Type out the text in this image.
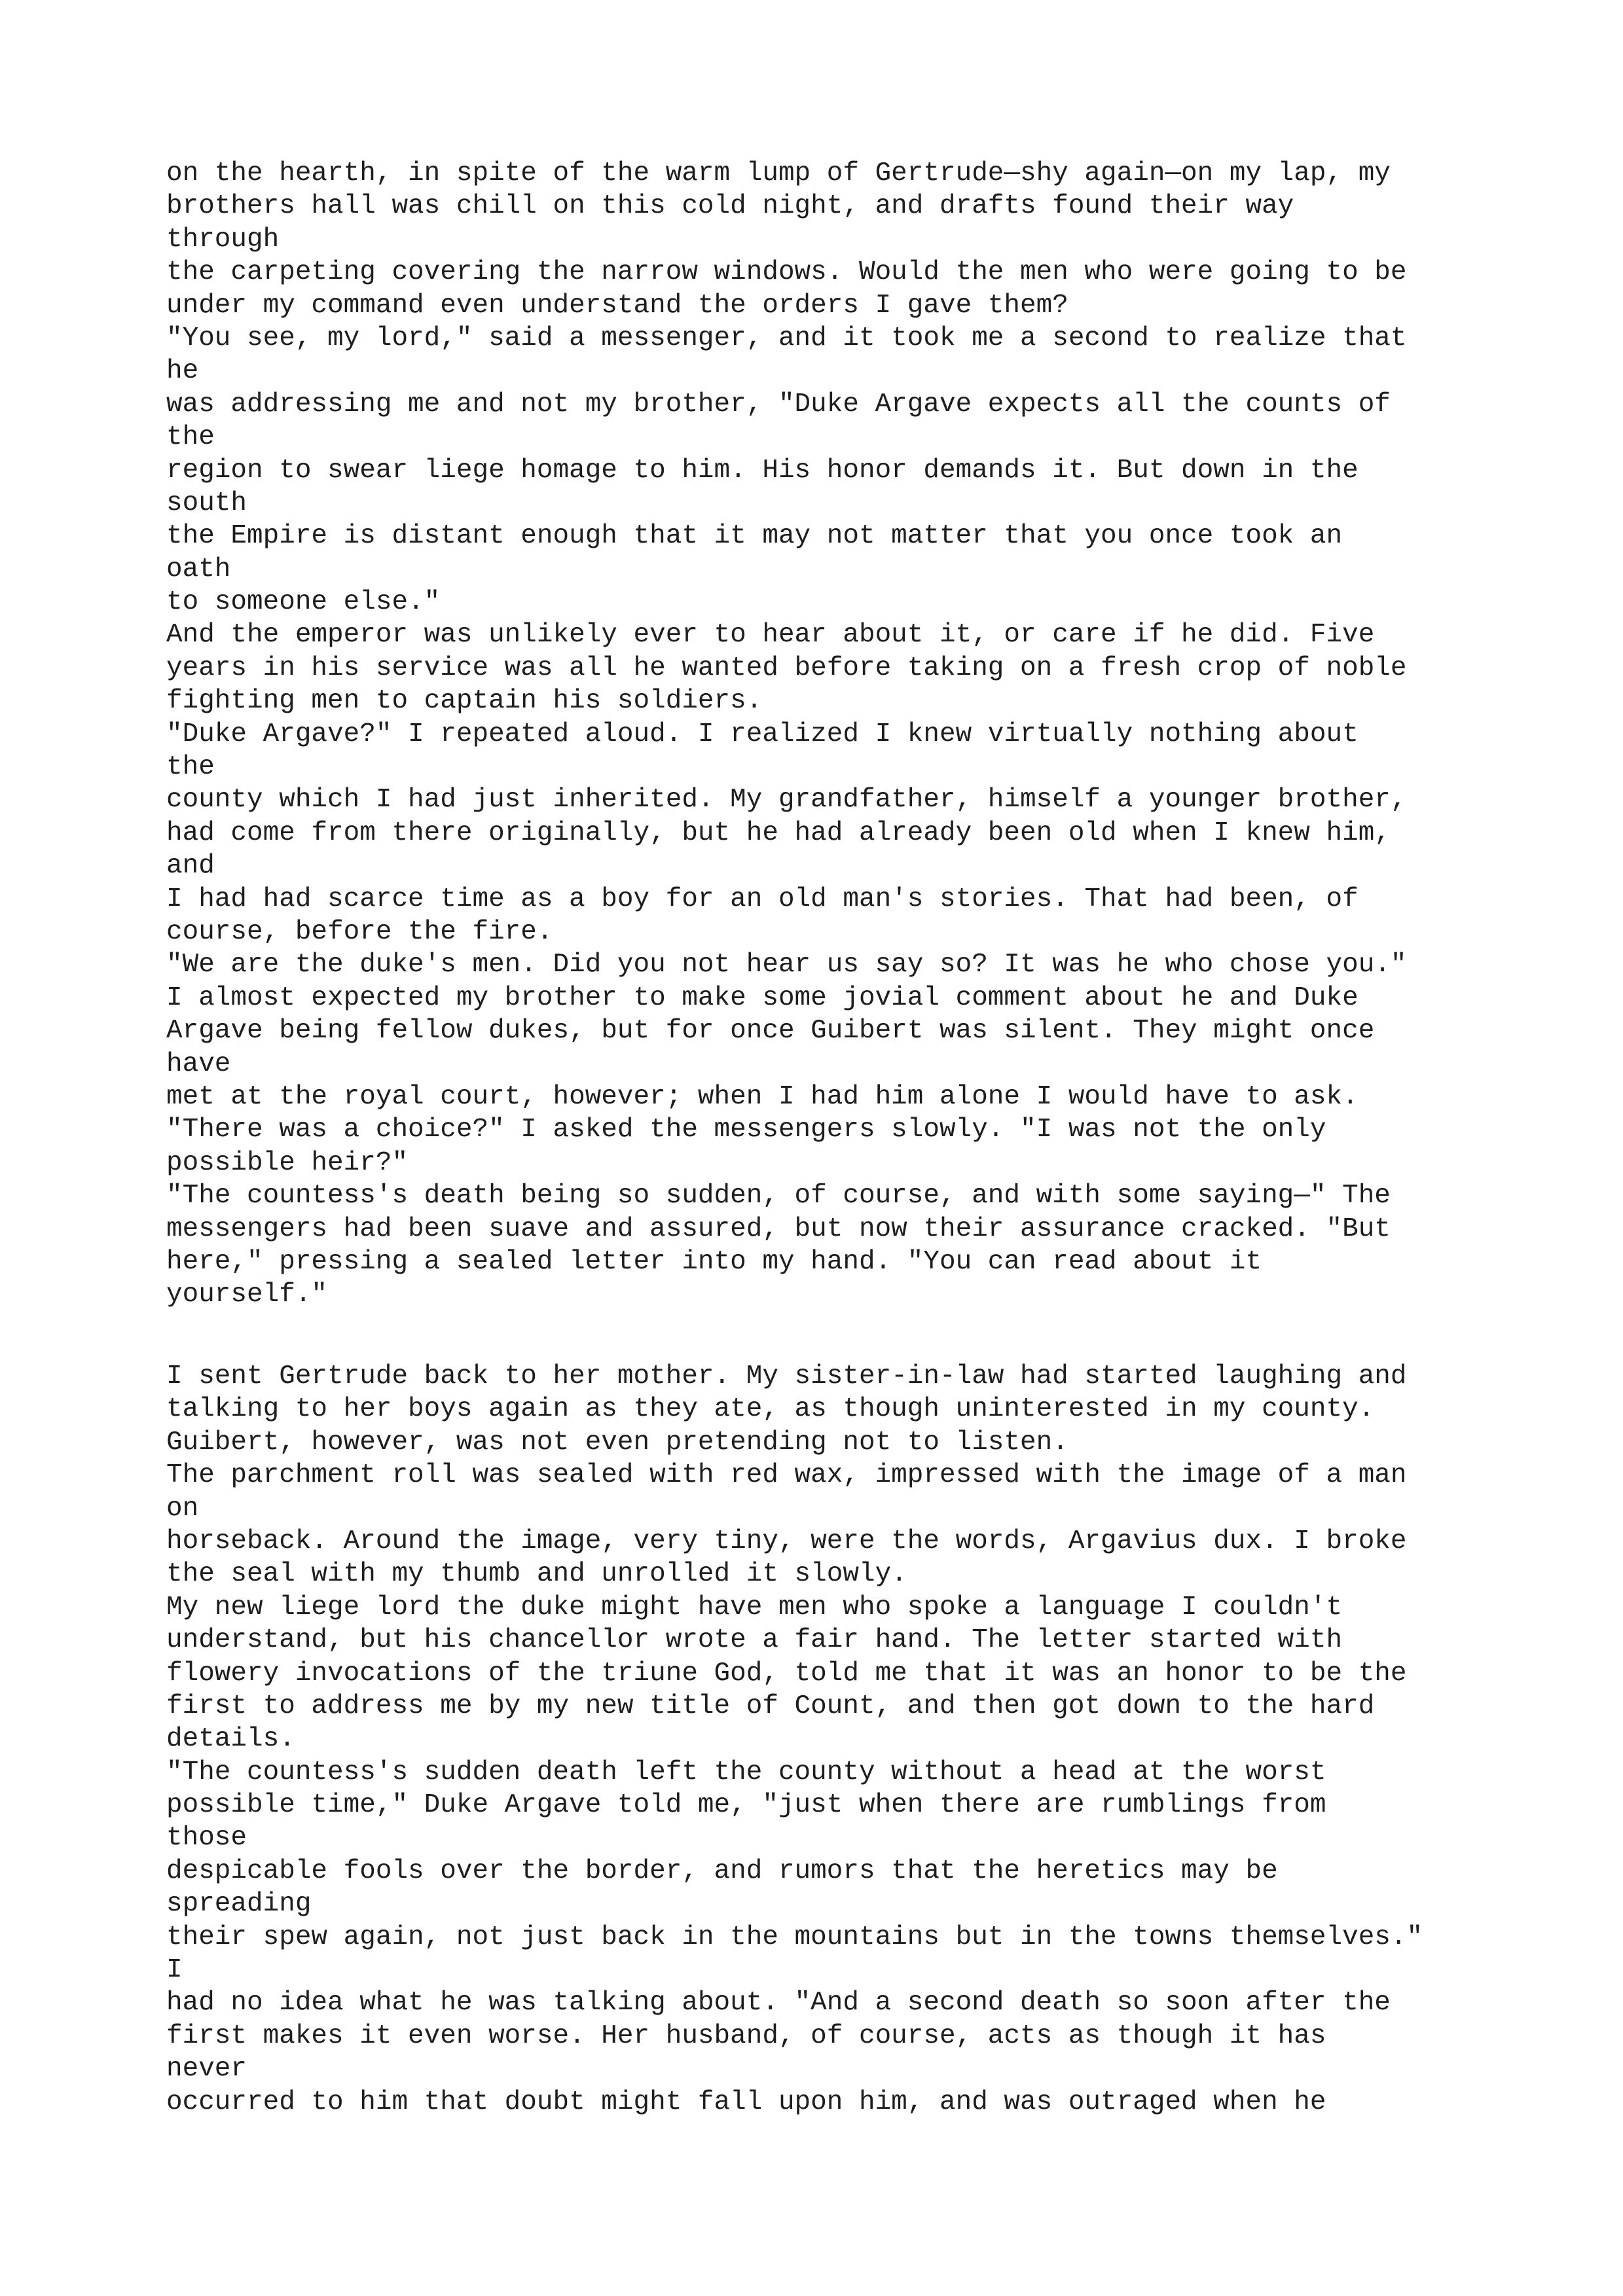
on the hearth, in spite of the warm lump of Gertrude—shy again—on my lap, my
brothers hall was chill on this cold night, and drafts found their way
through
the carpeting covering the narrow windows. Would the men who were going to be
under my command even understand the orders I gave them?
"You see, my lord," said a messenger, and it took me a second to realize that
he
was addressing me and not my brother, "Duke Argave expects all the counts of
the
region to swear liege homage to him. His honor demands it. But down in the
south
the Empire is distant enough that it may not matter that you once took an
oath
to someone else."
And the emperor was unlikely ever to hear about it, or care if he did. Five
years in his service was all he wanted before taking on a fresh crop of noble
fighting men to captain his soldiers.
"Duke Argave?" I repeated aloud. I realized I knew virtually nothing about
the
county which I had just inherited. My grandfather, himself a younger brother,
had come from there originally, but he had already been old when I knew him,
and
I had had scarce time as a boy for an old man's stories. That had been, of
course, before the fire.
"We are the duke's men. Did you not hear us say so? It was he who chose you."
I almost expected my brother to make some jovial comment about he and Duke
Argave being fellow dukes, but for once Guibert was silent. They might once
have
met at the royal court, however; when I had him alone I would have to ask.
"There was a choice?" I asked the messengers slowly. "I was not the only
possible heir?"
"The countess's death being so sudden, of course, and with some saying—" The
messengers had been suave and assured, but now their assurance cracked. "But
here," pressing a sealed letter into my hand. "You can read about it
yourself."
I sent Gertrude back to her mother. My sister-in-law had started laughing and
talking to her boys again as they ate, as though uninterested in my county.
Guibert, however, was not even pretending not to listen.
The parchment roll was sealed with red wax, impressed with the image of a man
on
horseback. Around the image, very tiny, were the words, Argavius dux. I broke
the seal with my thumb and unrolled it slowly.
My new liege lord the duke might have men who spoke a language I couldn't
understand, but his chancellor wrote a fair hand. The letter started with
flowery invocations of the triune God, told me that it was an honor to be the
first to address me by my new title of Count, and then got down to the hard
details.
"The countess's sudden death left the county without a head at the worst
possible time," Duke Argave told me, "just when there are rumblings from
those
despicable fools over the border, and rumors that the heretics may be
spreading
their spew again, not just back in the mountains but in the towns themselves."
I
had no idea what he was talking about. "And a second death so soon after the
first makes it even worse. Her husband, of course, acts as though it has
never
occurred to him that doubt might fall upon him, and was outraged when he
